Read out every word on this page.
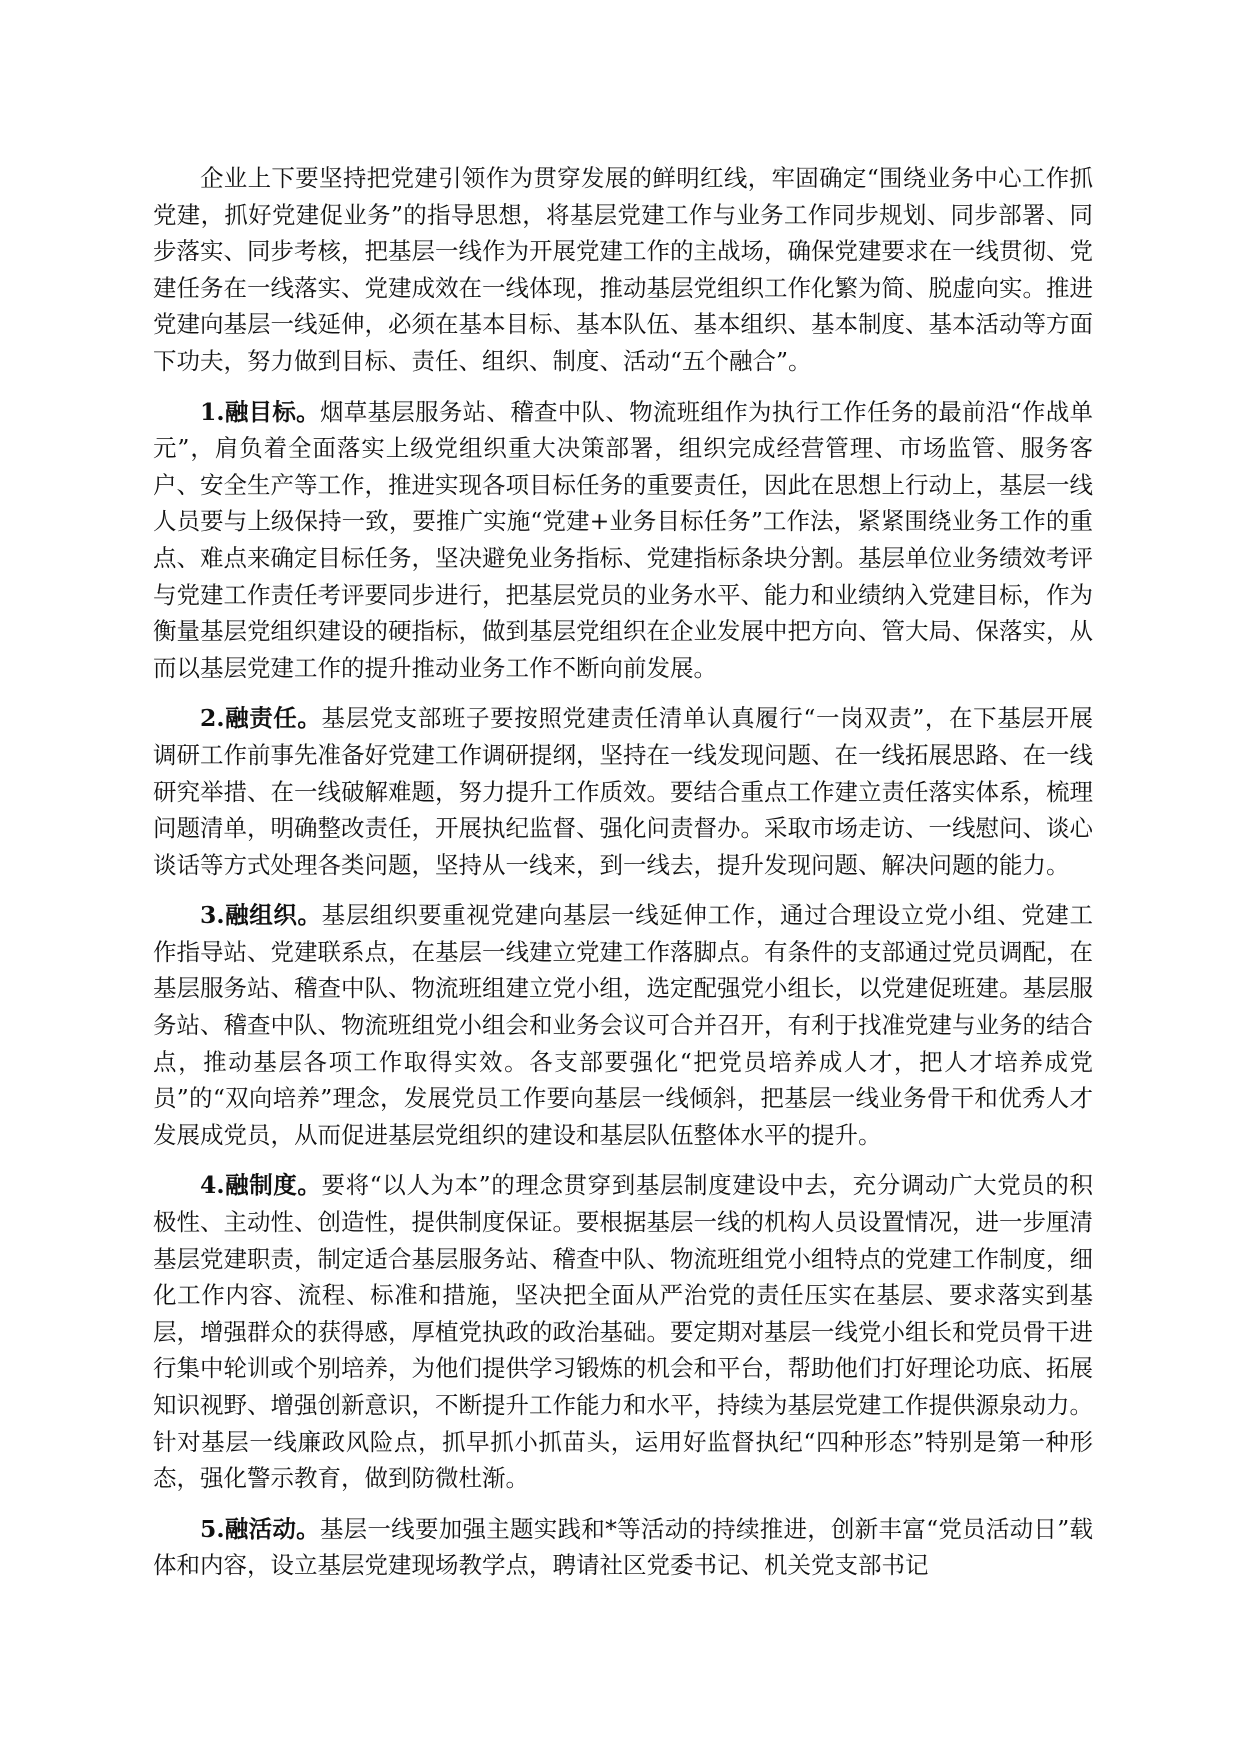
企业上下要坚持把党建引领作为贯穿发展的鲜明红线，牢固确定“围绕业务中心工作抓党建，抓好党建促业务”的指导思想，将基层党建工作与业务工作同步规划、同步部署、同步落实、同步考核，把基层一线作为开展党建工作的主战场，确保党建要求在一线贯彻、党建任务在一线落实、党建成效在一线体现，推动基层党组织工作化繁为简、脱虚向实。推进党建向基层一线延伸，必须在基本目标、基本队伍、基本组织、基本制度、基本活动等方面下功夫，努力做到目标、责任、组织、制度、活动“五个融合”。

1.融目标。烟草基层服务站、稽查中队、物流班组作为执行工作任务的最前沿“作战单元”，肩负着全面落实上级党组织重大决策部署，组织完成经营管理、市场监管、服务客户、安全生产等工作，推进实现各项目标任务的重要责任，因此在思想上行动上，基层一线人员要与上级保持一致，要推广实施“党建+业务目标任务”工作法，紧紧围绕业务工作的重点、难点来确定目标任务，坚决避免业务指标、党建指标条块分割。基层单位业务绩效考评与党建工作责任考评要同步进行，把基层党员的业务水平、能力和业绩纳入党建目标，作为衡量基层党组织建设的硬指标，做到基层党组织在企业发展中把方向、管大局、保落实，从而以基层党建工作的提升推动业务工作不断向前发展。

2.融责任。基层党支部班子要按照党建责任清单认真履行“一岗双责”，在下基层开展调研工作前事先准备好党建工作调研提纲，坚持在一线发现问题、在一线拓展思路、在一线研究举措、在一线破解难题，努力提升工作质效。要结合重点工作建立责任落实体系，梳理问题清单，明确整改责任，开展执纪监督、强化问责督办。采取市场走访、一线慰问、谈心谈话等方式处理各类问题，坚持从一线来，到一线去，提升发现问题、解决问题的能力。

3.融组织。基层组织要重视党建向基层一线延伸工作，通过合理设立党小组、党建工作指导站、党建联系点，在基层一线建立党建工作落脚点。有条件的支部通过党员调配，在基层服务站、稽查中队、物流班组建立党小组，选定配强党小组长，以党建促班建。基层服务站、稽查中队、物流班组党小组会和业务会议可合并召开，有利于找准党建与业务的结合点，推动基层各项工作取得实效。各支部要强化“把党员培养成人才，把人才培养成党员”的“双向培养”理念，发展党员工作要向基层一线倾斜，把基层一线业务骨干和优秀人才发展成党员，从而促进基层党组织的建设和基层队伍整体水平的提升。

4.融制度。要将“以人为本”的理念贯穿到基层制度建设中去，充分调动广大党员的积极性、主动性、创造性，提供制度保证。要根据基层一线的机构人员设置情况，进一步厘清基层党建职责，制定适合基层服务站、稽查中队、物流班组党小组特点的党建工作制度，细化工作内容、流程、标准和措施，坚决把全面从严治党的责任压实在基层、要求落实到基层，增强群众的获得感，厚植党执政的政治基础。要定期对基层一线党小组长和党员骨干进行集中轮训或个别培养，为他们提供学习锻炼的机会和平台，帮助他们打好理论功底、拓展知识视野、增强创新意识，不断提升工作能力和水平，持续为基层党建工作提供源泉动力。针对基层一线廉政风险点，抓早抓小抓苗头，运用好监督执纪“四种形态”特别是第一种形态，强化警示教育，做到防微杜渐。

5.融活动。基层一线要加强主题实践和*等活动的持续推进，创新丰富“党员活动日”载体和内容，设立基层党建现场教学点，聘请社区党委书记、机关党支部书记
